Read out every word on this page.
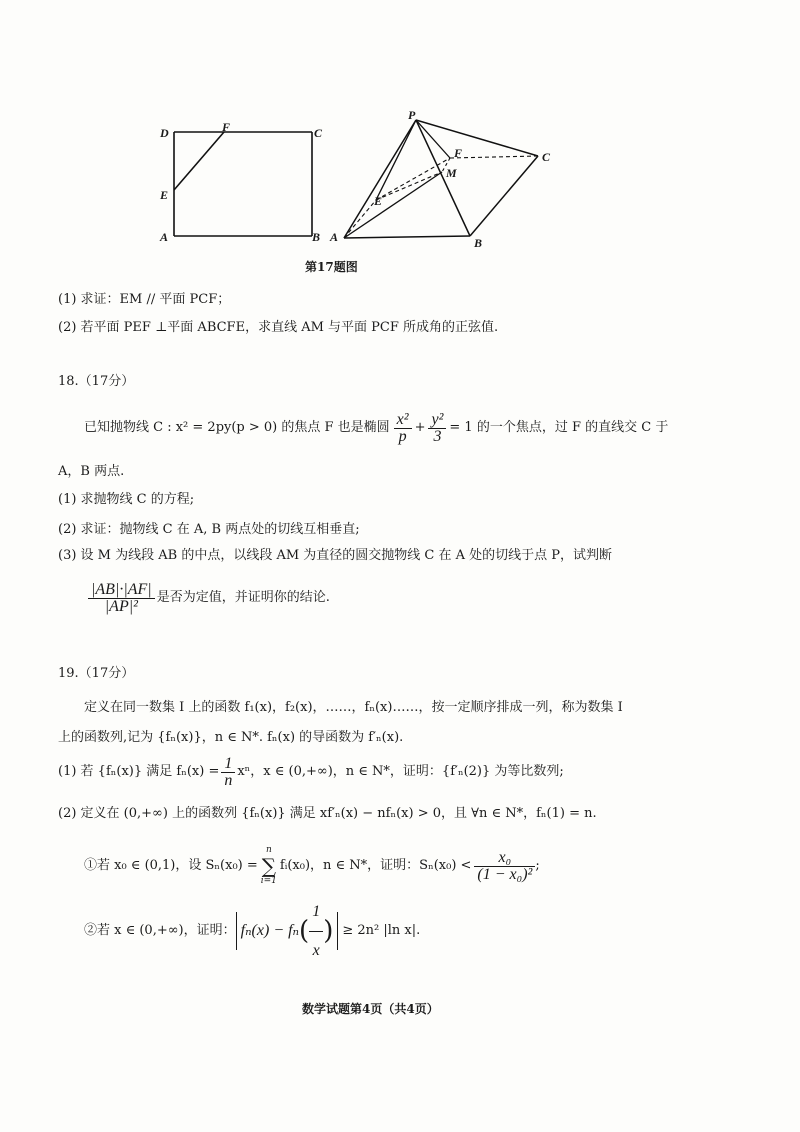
D	F	C
E
A	B
P
F	C
M
E
A	B
第17题图
(1) 求证：EM // 平面 PCF；
(2) 若平面 PEF ⊥平面 ABCFE，求直线 AM 与平面 PCF 所成角的正弦值.
18.（17分）
已知抛物线 C : x² = 2py(p > 0) 的焦点 F 也是椭圆 $\frac{\text{x²}}{p} + \frac{\text{y²}}{3} = 1$ 的一个焦点，过 F 的直线交 C 于
A，B 两点.
(1) 求抛物线 C 的方程;
(2) 求证：抛物线 C 在 A, B 两点处的切线互相垂直;
(3) 设 M 为线段 AB 的中点，以线段 AM 为直径的圆交抛物线 C 在 A 处的切线于点 P，试判断
$\frac{|AB|\cdot|AF|}{\text{|AP|²}}$ 是否为定值，并证明你的结论.
19.（17分）
定义在同一数集 I 上的函数 f₁(x)，f₂(x)，……，fₙ(x)……，按一定顺序排成一列，称为数集 I
上的函数列,记为 {fₙ(x)}，n ∈ N*. fₙ(x) 的导函数为 f′ₙ(x).
(1) 若 {fₙ(x)} 满足 $f_n(x) = \frac{1}{n}$ xⁿ，x ∈ (0,+∞)，n ∈ N*，证明：{f′ₙ(2)} 为等比数列;
(2) 定义在 (0,+∞) 上的函数列 {fₙ(x)} 满足 xf′ₙ(x) − nfₙ(x) > 0，且 ∀n ∈ N*，fₙ(1) = n.
①若 x₀ ∈ (0,1)，设 Sₙ(x₀) =
n
∑
i=1
fᵢ(x₀)，n ∈ N*，证明：$S_n(x_0) < \frac{\text{x₀}}{\text{(1 − x₀)²}}$ ;
②若 x ∈ (0,+∞)，证明： fₙ(x) − fₙ ( $\frac{1}{x}$ ) ≥ 2n² |ln x|.
数学试题第4页（共4页）
